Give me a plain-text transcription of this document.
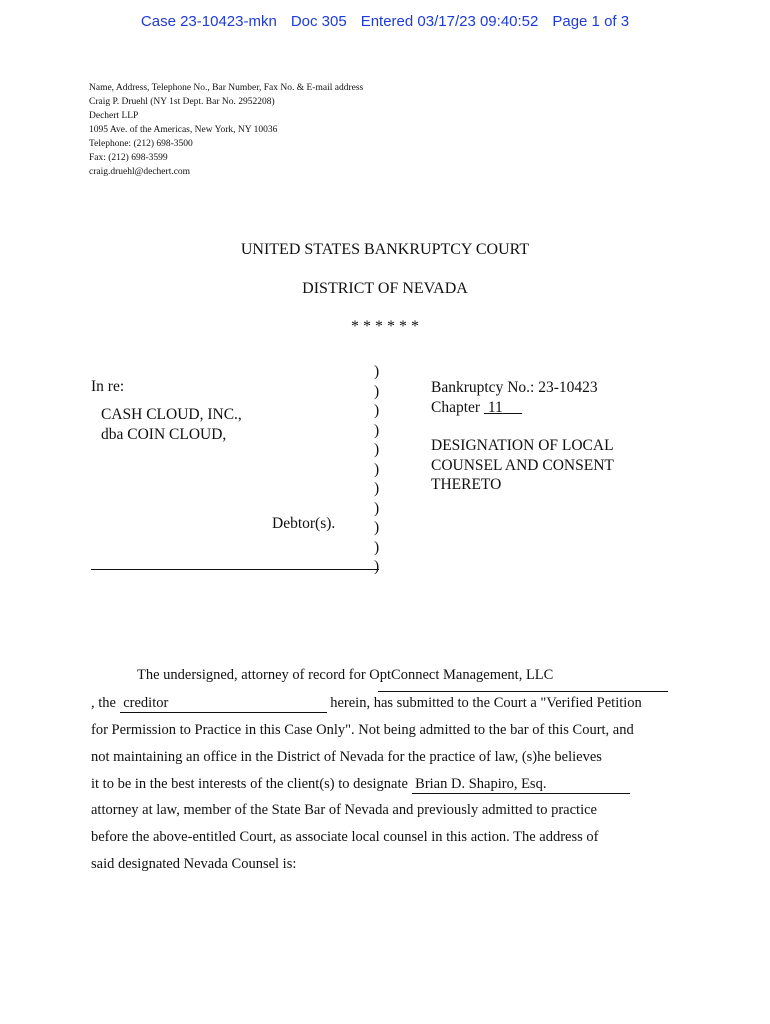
Case 23-10423-mkn Doc 305 Entered 03/17/23 09:40:52 Page 1 of 3
Name, Address, Telephone No., Bar Number, Fax No. & E-mail address
Craig P. Druehl (NY 1st Dept. Bar No. 2952208)
Dechert LLP
1095 Ave. of the Americas, New York, NY 10036
Telephone: (212) 698-3500
Fax: (212) 698-3599
craig.druehl@dechert.com
UNITED STATES BANKRUPTCY COURT
DISTRICT OF NEVADA
* * * * * *
In re:
CASH CLOUD, INC.,
dba COIN CLOUD,
Debtor(s).
)
)
)
)
)
)
)
)
)
)
)
Bankruptcy No.: 23-10423
Chapter 11
DESIGNATION OF LOCAL
COUNSEL AND CONSENT
THERETO
The undersigned, attorney of record for OptConnect Management, LLC
, the creditor	herein, has submitted to the Court a "Verified Petition
for Permission to Practice in this Case Only". Not being admitted to the bar of this Court, and
not maintaining an office in the District of Nevada for the practice of law, (s)he believes
it to be in the best interests of the client(s) to designate Brian D. Shapiro, Esq.
attorney at law, member of the State Bar of Nevada and previously admitted to practice
before the above-entitled Court, as associate local counsel in this action. The address of
said designated Nevada Counsel is:
